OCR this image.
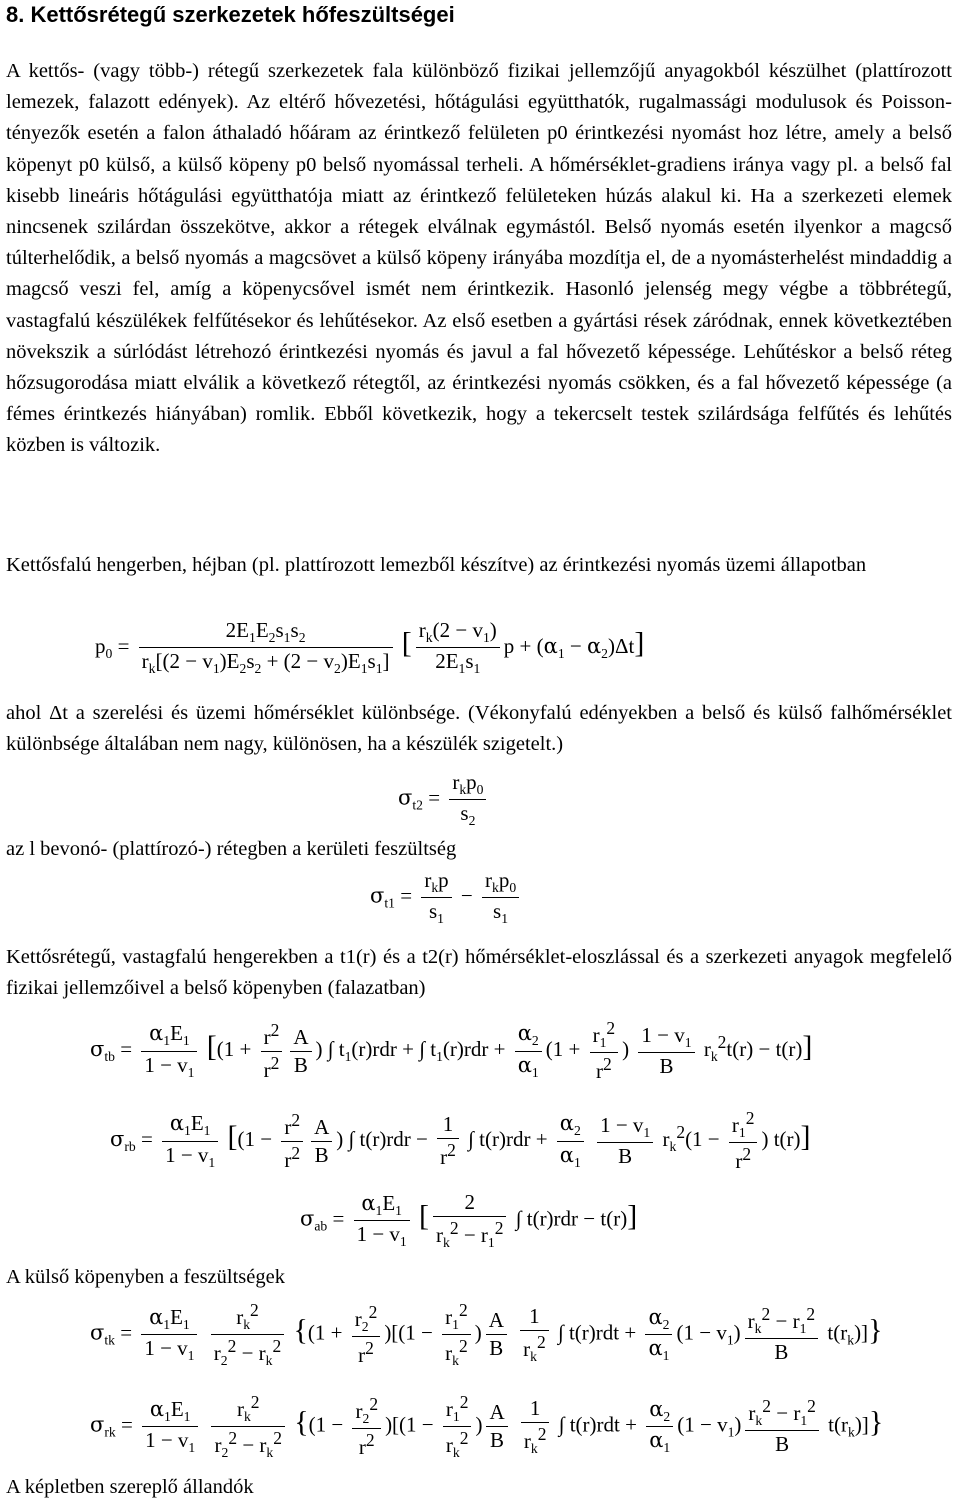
8. Kettősrétegű szerkezetek hőfeszültségei

A kettős- (vagy több-) rétegű szerkezetek fala különböző fizikai jellemzőjű anyagokból készülhet (plattírozott lemezek, falazott edények). Az eltérő hővezetési, hőtágulási együtthatók, rugalmassági modulusok és Poisson-tényezők esetén a falon áthaladó hőáram az érintkező felületen p0 érintkezési nyomást hoz létre, amely a belső köpenyt p0 külső, a külső köpeny p0 belső nyomással terheli. A hőmérséklet-gradiens iránya vagy pl. a belső fal kisebb lineáris hőtágulási együtthatója miatt az érintkező felületeken húzás alakul ki. Ha a szerkezeti elemek nincsenek szilárdan összekötve, akkor a rétegek elválnak egymástól. Belső nyomás esetén ilyenkor a magcső túlterhelődik, a belső nyomás a magcsövet a külső köpeny irányába mozdítja el, de a nyomásterhelést mindaddig a magcső veszi fel, amíg a köpenycsővel ismét nem érintkezik. Hasonló jelenség megy végbe a többrétegű, vastagfalú készülékek felfűtésekor és lehűtésekor. Az első esetben a gyártási rések záródnak, ennek következtében növekszik a súrlódást létrehozó érintkezési nyomás és javul a fal hővezető képessége. Lehűtéskor a belső réteg hőzsugorodása miatt elválik a következő rétegtől, az érintkezési nyomás csökken, és a fal hővezető képessége (a fémes érintkezés hiányában) romlik. Ebből következik, hogy a tekercselt testek szilárdsága felfűtés és lehűtés közben is változik.

Kettősfalú hengerben, héjban (pl. plattírozott lemezből készítve) az érintkezési nyomás üzemi állapotban

$p_0 = \frac{2E_1E_2s_1s_2}{r_k[(2 - v_1)E_2s_2 + (2 - v_2)E_1s_1]}$ [ $\frac{r_k(2 - v_1)}{2E_1s_1}$ $p + (\alpha_1 - \alpha_2)\Delta t$]

ahol Δt a szerelési és üzemi hőmérséklet különbsége. (Vékonyfalú edényekben a belső és külső falhőmérséklet különbsége általában nem nagy, különösen, ha a készülék szigetelt.)

$\sigma_{t2} = \frac{r_kp_0}{s_2}$
az l bevonó- (plattírozó-) rétegben a kerületi feszültség
$\sigma_{t1} = \frac{r_kp}{s_1} - \frac{r_kp_0}{s_1}$

Kettősrétegű, vastagfalú hengerekben a t1(r) és a t2(r) hőmérséklet-eloszlással és a szerkezeti anyagok megfelelő fizikai jellemzőivel a belső köpenyben (falazatban)

$\sigma_{tb} = \frac{\alpha_1E_1}{1 - v_1} [(1 + \frac{r^2}{r^2} \frac{A}{B}$ ) ∫ $t_1(r)rdr$ + ∫ $t_1(r)rdr + \frac{\alpha_2}{\alpha_1} (1 + \frac{r_1^2}{r^2}$ ) $\frac{1 - v_1}{B} r_k^2t(r) - t(r)$]
$\sigma_{rb} = \frac{\alpha_1E_1}{1 - v_1} [(1 - \frac{r^2}{r^2} \frac{A}{B}$ ) ∫ $t(r)rdr - \frac{1}{r^2}$ ∫ $t(r)rdr + \frac{\alpha_2}{\alpha_1}$
$\frac{1 - v_1}{B} r_k^2(1 - \frac{r_1^2}{r^2}$ ) t(r)]
$\sigma_{ab} = \frac{\alpha_1E_1}{1 - v_1}$ [ $\frac{2}{r_k^2 - r_1^2}$ ∫ t(r)rdr − t(r)]
A külső köpenyben a feszültségek
$\sigma_{tk} = \frac{\alpha_1E_1}{1 - v_1}$
$\frac{r_k^2}{r_2^2 - r_k^2} \{(1 + \frac{r_2^2}{r^2} )[(1 - \frac{r_1^2}{r_k^2}$ ) $\frac{A}{B}$
$\frac{1}{r_k^2}$ ∫ $t(r)rdt + \frac{\alpha_2}{\alpha_1} (1 - v_1) \frac{r_k^2 - r_1^2}{B} t(r_k)$]}
$\sigma_{rk} = \frac{\alpha_1E_1}{1 - v_1}$
$\frac{r_k^2}{r_2^2 - r_k^2} \{(1 - \frac{r_2^2}{r^2} )[(1 - \frac{r_1^2}{r_k^2}$ ) $\frac{A}{B}$
$\frac{1}{r_k^2}$ ∫ $t(r)rdt + \frac{\alpha_2}{\alpha_1} (1 - v_1) \frac{r_k^2 - r_1^2}{B} t(r_k)$]}
A képletben szereplő állandók
